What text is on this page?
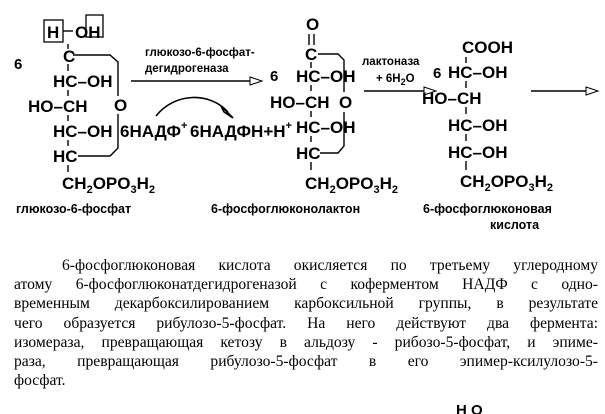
6
H OH
C
HC–OH
HO–CH
HC–OH
HC
$CH_2OPO_3H_2$
O
глюкозо-6-фосфат
глюкозо-6-фосфат-
дегидрогеназа
6НАДФ+ 6НАДФН+Н+
O
C
6 HC–OH
HO–CH
HC–OH
HC
$CH_2OPO_3H_2$
O
6-фосфоглюконолактон
лактоназа
+ $6H_2O$
COOH
6 HC–OH
HO–CH
HC–OH
HC–OH
$CH_2OPO_3H_2$
6-фосфоглюконовая
кислота
6-фосфоглюконовая кислота окисляется по третьему углеродному
атому 6-фосфоглюконатдегидрогеназой с коферментом НАДФ с одно-
временным декарбоксилированием карбоксильной группы, в результате
чего образуется рибулозо-5-фосфат. На него действуют два фермента:
изомераза, превращающая кетозу в альдозу - рибозо-5-фосфат, и эпиме-
раза, превращающая рибулозо-5-фосфат в его эпимер-ксилулозо-5-
фосфат.
H O
